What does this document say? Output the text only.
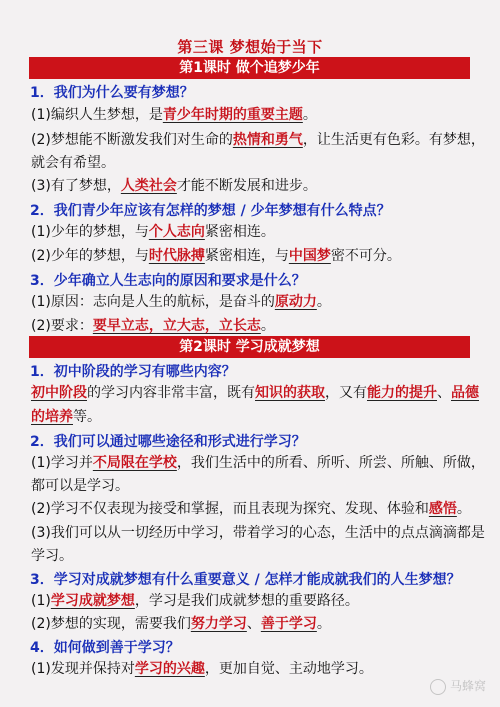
第三课 梦想始于当下
第1课时 做个追梦少年
1．我们为什么要有梦想？
(1)编织人生梦想，是青少年时期的重要主题。
(2)梦想能不断激发我们对生命的热情和勇气，让生活更有色彩。有梦想，
就会有希望。
(3)有了梦想，人类社会才能不断发展和进步。
2．我们青少年应该有怎样的梦想 / 少年梦想有什么特点？
(1)少年的梦想，与个人志向紧密相连。
(2)少年的梦想，与时代脉搏紧密相连，与中国梦密不可分。
3．少年确立人生志向的原因和要求是什么？
(1)原因：志向是人生的航标，是奋斗的原动力。
(2)要求：要早立志，立大志，立长志。
第2课时 学习成就梦想
1．初中阶段的学习有哪些内容？
初中阶段的学习内容非常丰富，既有知识的获取，又有能力的提升、品德
的培养等。
2．我们可以通过哪些途径和形式进行学习？
(1)学习并不局限在学校，我们生活中的所看、所听、所尝、所触、所做，
都可以是学习。
(2)学习不仅表现为接受和掌握，而且表现为探究、发现、体验和感悟。
(3)我们可以从一切经历中学习，带着学习的心态，生活中的点点滴滴都是
学习。
3．学习对成就梦想有什么重要意义 / 怎样才能成就我们的人生梦想？
(1)学习成就梦想，学习是我们成就梦想的重要路径。
(2)梦想的实现，需要我们努力学习、善于学习。
4．如何做到善于学习？
(1)发现并保持对学习的兴趣，更加自觉、主动地学习。
马蜂窝
